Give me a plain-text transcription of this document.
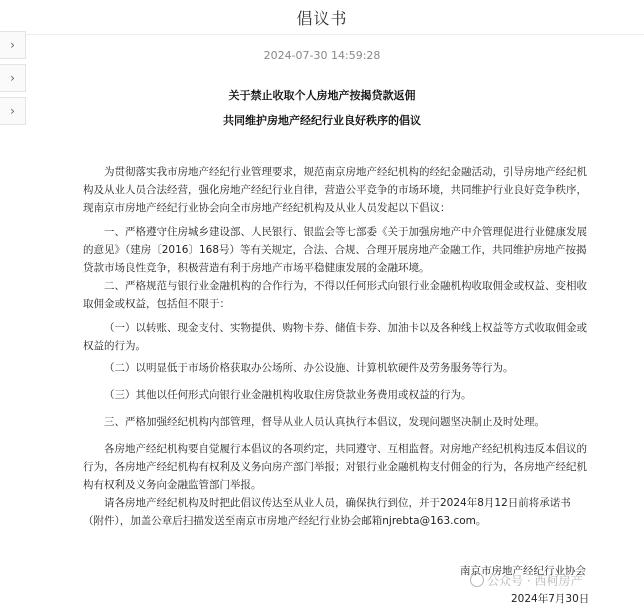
›
›
›
倡议书
2024-07-30 14:59:28
关于禁止收取个人房地产按揭贷款返佣
共同维护房地产经纪行业良好秩序的倡议

为贯彻落实我市房地产经纪行业管理要求，规范南京房地产经纪机构的经纪金融活动，引导房地产经纪机构及从业人员合法经营，强化房地产经纪行业自律，营造公平竞争的市场环境，共同维护行业良好竞争秩序，现南京市房地产经纪行业协会向全市房地产经纪机构及从业人员发起以下倡议：

一、严格遵守住房城乡建设部、人民银行、银监会等七部委《关于加强房地产中介管理促进行业健康发展的意见》（建房〔2016〕168号）等有关规定，合法、合规、合理开展房地产金融工作，共同维护房地产按揭贷款市场良性竞争，积极营造有利于房地产市场平稳健康发展的金融环境。

二、严格规范与银行业金融机构的合作行为，不得以任何形式向银行业金融机构收取佣金或权益、变相收取佣金或权益，包括但不限于：

（一）以转账、现金支付、实物提供、购物卡券、储值卡券、加油卡以及各种线上权益等方式收取佣金或权益的行为。

（二）以明显低于市场价格获取办公场所、办公设施、计算机软硬件及劳务服务等行为。

（三）其他以任何形式向银行业金融机构收取住房贷款业务费用或权益的行为。

三、严格加强经纪机构内部管理，督导从业人员认真执行本倡议，发现问题坚决制止及时处理。

各房地产经纪机构要自觉履行本倡议的各项约定，共同遵守、互相监督。对房地产经纪机构违反本倡议的行为，各房地产经纪机构有权利及义务向房产部门举报；对银行业金融机构支付佣金的行为，各房地产经纪机构有权利及义务向金融监管部门举报。

请各房地产经纪机构及时把此倡议传达至从业人员，确保执行到位，并于2024年8月12日前将承诺书（附件），加盖公章后扫描发送至南京市房地产经纪行业协会邮箱njrebta@163.com。

南京市房地产经纪行业协会
公众号 · 西柯房产
2024年7月30日
